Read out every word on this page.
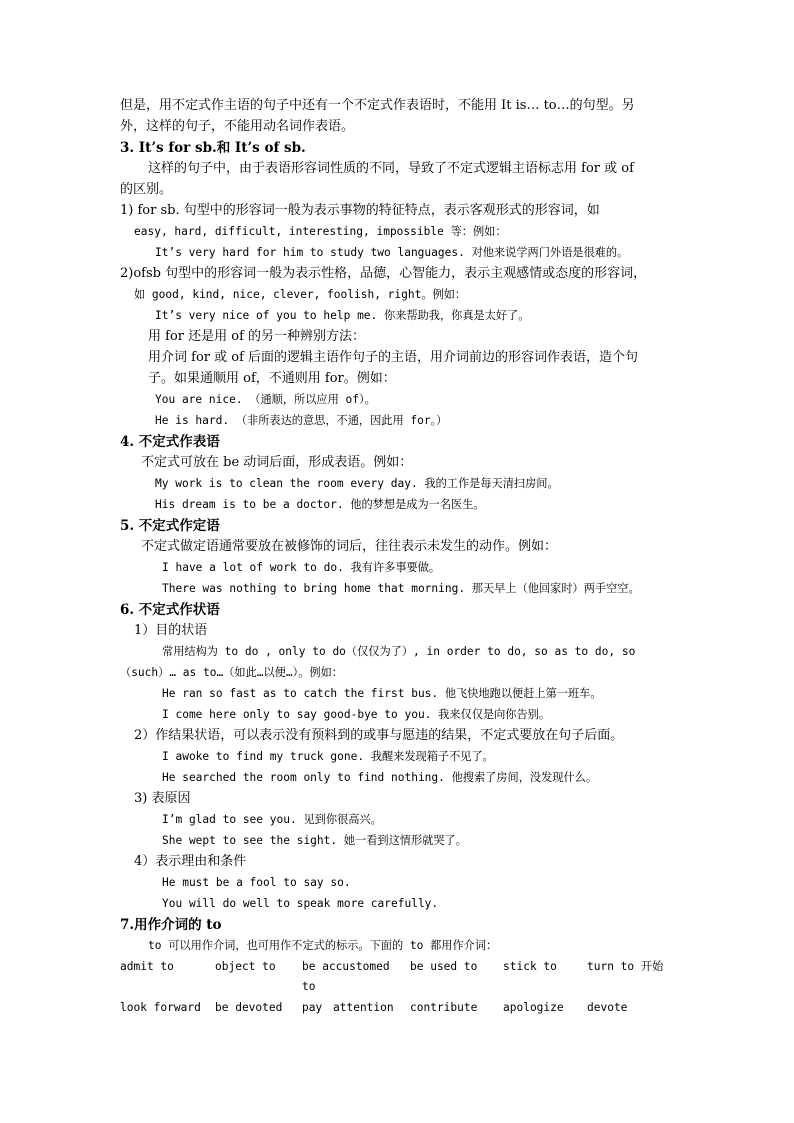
但是，用不定式作主语的句子中还有一个不定式作表语时，不能用 It is… to…的句型。另
外，这样的句子，不能用动名词作表语。
3. It’s for sb.和 It’s of sb.
这样的句子中，由于表语形容词性质的不同，导致了不定式逻辑主语标志用 for 或 of
的区别。
1) for sb. 句型中的形容词一般为表示事物的特征特点，表示客观形式的形容词，如
easy, hard, difficult, interesting, impossible 等：例如：
It’s very hard for him to study two languages. 对他来说学两门外语是很难的。
2)ofsb 句型中的形容词一般为表示性格，品德，心智能力，表示主观感情或态度的形容词，
如 good, kind, nice, clever, foolish, right。例如：
It’s very nice of you to help me. 你来帮助我，你真是太好了。
用 for 还是用 of 的另一种辨别方法：
用介词 for 或 of 后面的逻辑主语作句子的主语，用介词前边的形容词作表语，造个句
子。如果通顺用 of，不通则用 for。例如：
You are nice. （通顺，所以应用 of）。
He is hard. （非所表达的意思，不通，因此用 for。）
4. 不定式作表语
不定式可放在 be 动词后面，形成表语。例如：
My work is to clean the room every day. 我的工作是每天清扫房间。
His dream is to be a doctor. 他的梦想是成为一名医生。
5. 不定式作定语
不定式做定语通常要放在被修饰的词后，往往表示未发生的动作。例如：
I have a lot of work to do. 我有许多事要做。
There was nothing to bring home that morning. 那天早上（他回家时）两手空空。
6. 不定式作状语
1）目的状语
常用结构为 to do , only to do（仅仅为了）, in order to do, so as to do, so
（such）… as to…（如此…以便…）。例如：
He ran so fast as to catch the first bus. 他飞快地跑以便赶上第一班车。
I come here only to say good-bye to you. 我来仅仅是向你告别。
2）作结果状语，可以表示没有预料到的或事与愿违的结果，不定式要放在句子后面。
I awoke to find my truck gone. 我醒来发现箱子不见了。
He searched the room only to find nothing. 他搜索了房间，没发现什么。
3) 表原因
I’m glad to see you. 见到你很高兴。
She wept to see the sight. 她一看到这情形就哭了。
4）表示理由和条件
He must be a fool to say so.
You will do well to speak more carefully.
7.用作介词的 to
to 可以用作介词，也可用作不定式的标示。下面的 to 都用作介词：
admit to	object to be accustomed
to
be used to stick to	turn to 开始
look forward be devoted pay attention contribute apologize devote
